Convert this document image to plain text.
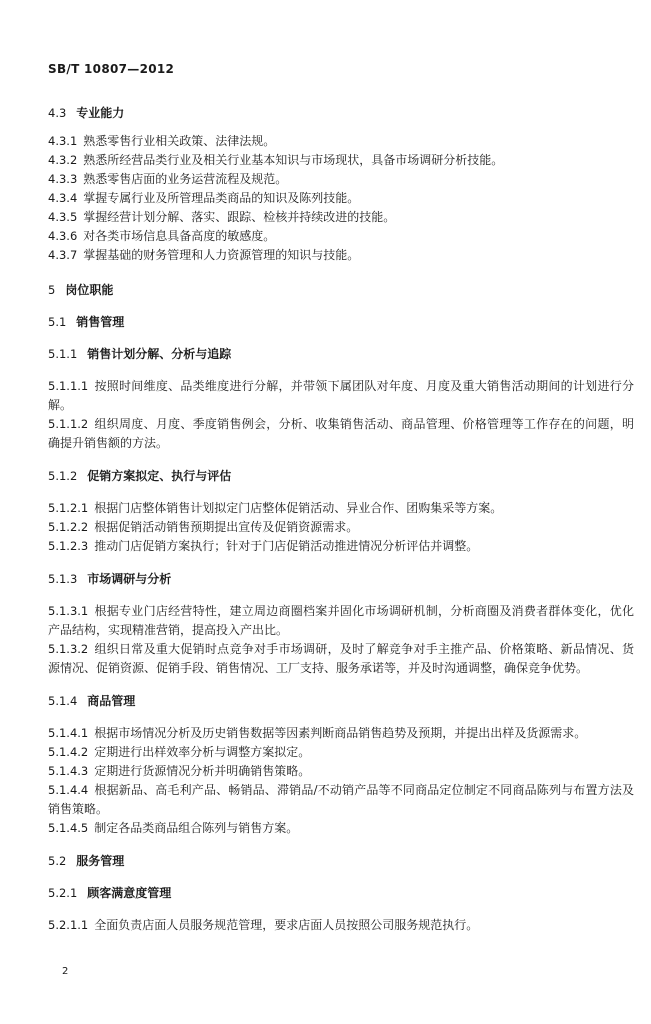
SB/T 10807—2012
4.3 专业能力
4.3.1 熟悉零售行业相关政策、法律法规。
4.3.2 熟悉所经营品类行业及相关行业基本知识与市场现状，具备市场调研分析技能。
4.3.3 熟悉零售店面的业务运营流程及规范。
4.3.4 掌握专属行业及所管理品类商品的知识及陈列技能。
4.3.5 掌握经营计划分解、落实、跟踪、检核并持续改进的技能。
4.3.6 对各类市场信息具备高度的敏感度。
4.3.7 掌握基础的财务管理和人力资源管理的知识与技能。
5 岗位职能
5.1 销售管理
5.1.1 销售计划分解、分析与追踪
5.1.1.1 按照时间维度、品类维度进行分解，并带领下属团队对年度、月度及重大销售活动期间的计划进行分解。
5.1.1.2 组织周度、月度、季度销售例会，分析、收集销售活动、商品管理、价格管理等工作存在的问题，明确提升销售额的方法。
5.1.2 促销方案拟定、执行与评估
5.1.2.1 根据门店整体销售计划拟定门店整体促销活动、异业合作、团购集采等方案。
5.1.2.2 根据促销活动销售预期提出宣传及促销资源需求。
5.1.2.3 推动门店促销方案执行；针对于门店促销活动推进情况分析评估并调整。
5.1.3 市场调研与分析
5.1.3.1 根据专业门店经营特性，建立周边商圈档案并固化市场调研机制，分析商圈及消费者群体变化，优化产品结构，实现精准营销，提高投入产出比。
5.1.3.2 组织日常及重大促销时点竞争对手市场调研，及时了解竞争对手主推产品、价格策略、新品情况、货源情况、促销资源、促销手段、销售情况、工厂支持、服务承诺等，并及时沟通调整，确保竞争优势。
5.1.4 商品管理
5.1.4.1 根据市场情况分析及历史销售数据等因素判断商品销售趋势及预期，并提出出样及货源需求。
5.1.4.2 定期进行出样效率分析与调整方案拟定。
5.1.4.3 定期进行货源情况分析并明确销售策略。
5.1.4.4 根据新品、高毛利产品、畅销品、滞销品/不动销产品等不同商品定位制定不同商品陈列与布置方法及销售策略。
5.1.4.5 制定各品类商品组合陈列与销售方案。
5.2 服务管理
5.2.1 顾客满意度管理
5.2.1.1 全面负责店面人员服务规范管理，要求店面人员按照公司服务规范执行。
2
